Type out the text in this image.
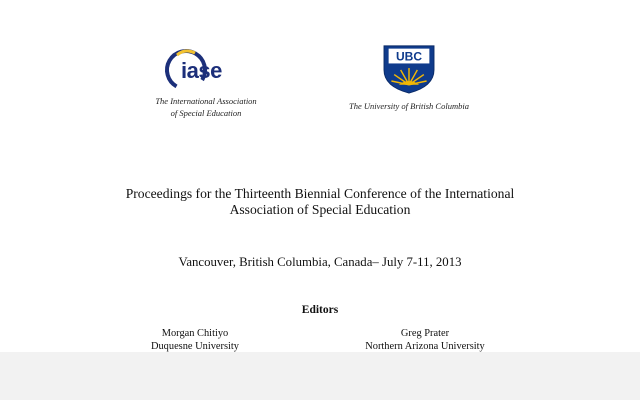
iase
The International Association
of Special Education
UBC
The University of British Columbia
Proceedings for the Thirteenth Biennial Conference of the International
Association of Special Education
Vancouver, British Columbia, Canada– July 7-11, 2013
Editors
Morgan Chitiyo
Duquesne University
Greg Prater
Northern Arizona University
